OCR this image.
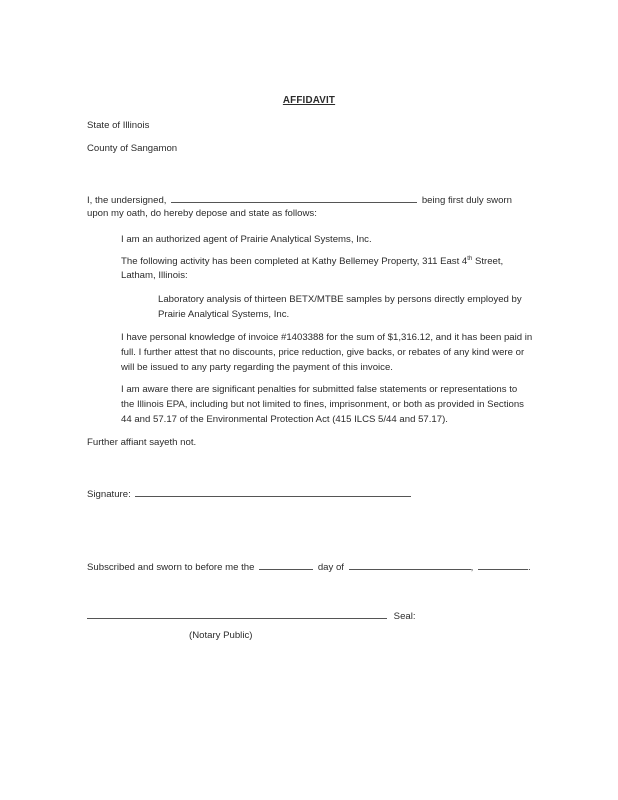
AFFIDAVIT
State of Illinois
County of Sangamon
I, the undersigned,	being first duly sworn
upon my oath, do hereby depose and state as follows:
I am an authorized agent of Prairie Analytical Systems, Inc.
The following activity has been completed at Kathy Bellemey Property, 311 East 4th Street,
Latham, Illinois:
Laboratory analysis of thirteen BETX/MTBE samples by persons directly employed by
Prairie Analytical Systems, Inc.
I have personal knowledge of invoice #1403388 for the sum of $1,316.12, and it has been paid in
full. I further attest that no discounts, price reduction, give backs, or rebates of any kind were or
will be issued to any party regarding the payment of this invoice.
I am aware there are significant penalties for submitted false statements or representations to
the Illinois EPA, including but not limited to fines, imprisonment, or both as provided in Sections
44 and 57.17 of the Environmental Protection Act (415 ILCS 5/44 and 57.17).
Further affiant sayeth not.
Signature:
Subscribed and sworn to before me the	day of	,	.
Seal:
(Notary Public)
